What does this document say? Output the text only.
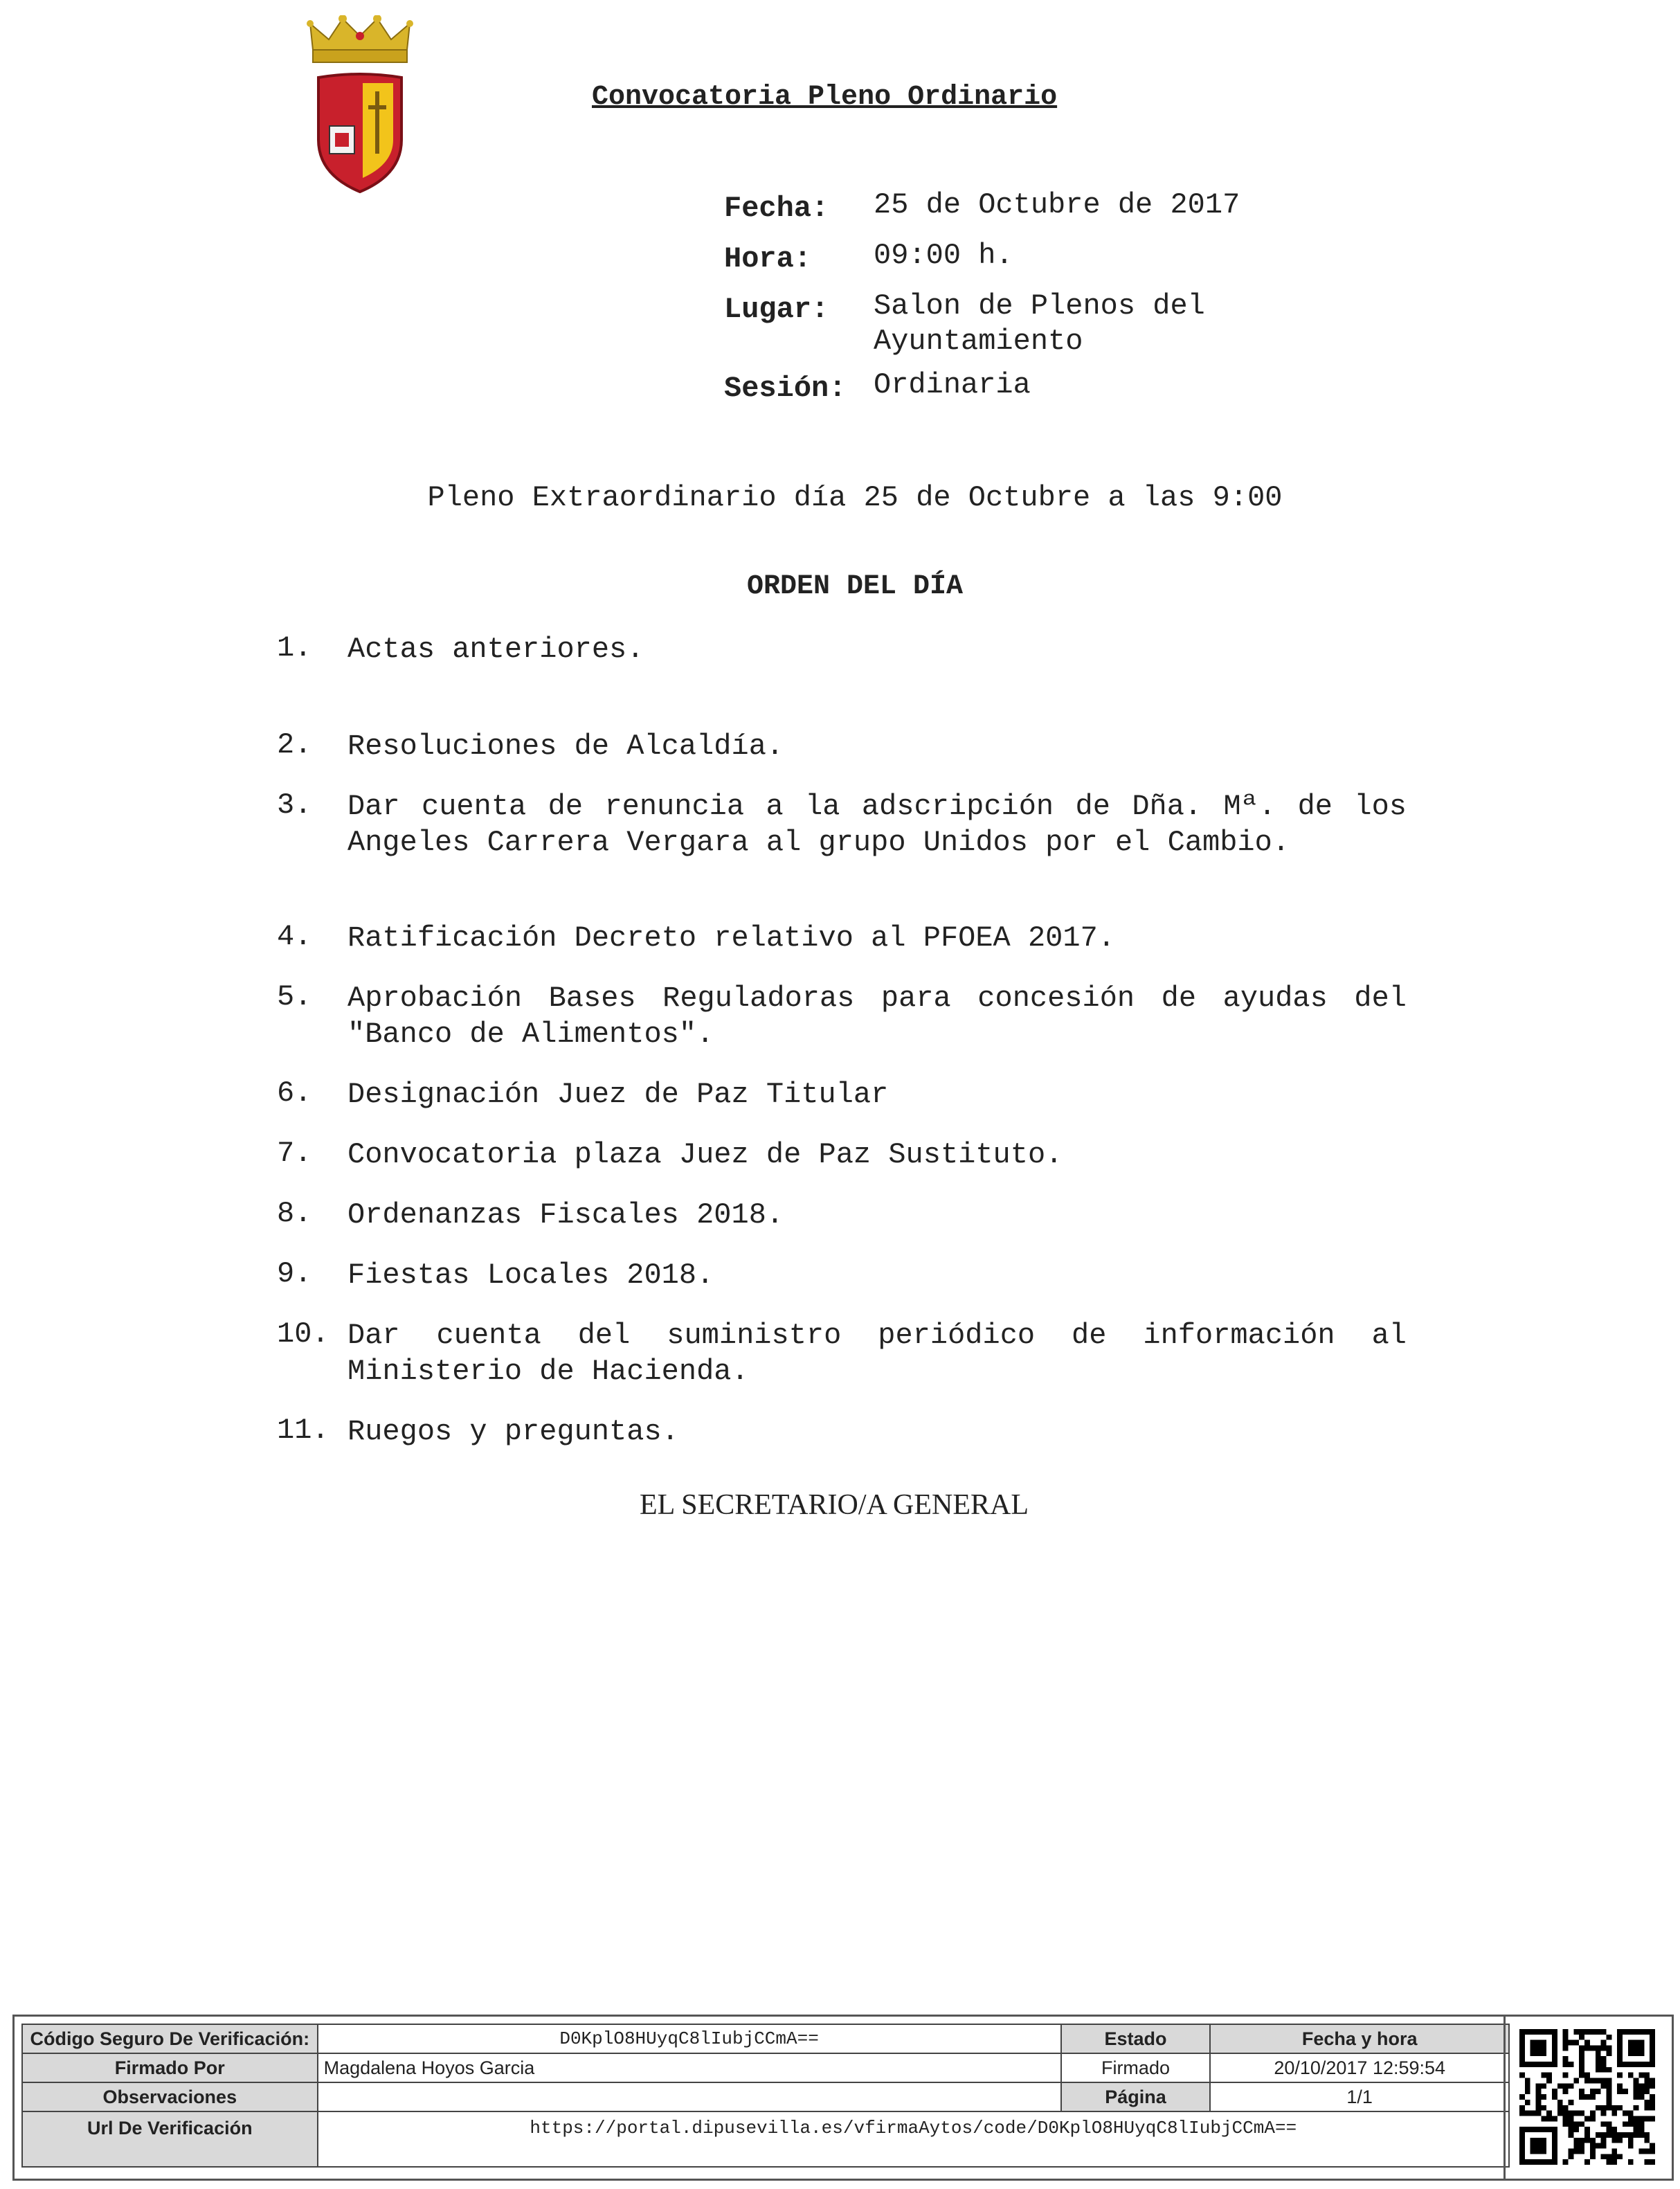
Convocatoria Pleno Ordinario
Fecha: 25 de Octubre de 2017
Hora: 09:00 h.
Lugar: Salon de Plenos del
Ayuntamiento
Sesión: Ordinaria
Pleno Extraordinario día 25 de Octubre a las 9:00
ORDEN DEL DÍA
1. Actas anteriores.
2. Resoluciones de Alcaldía.
3. Dar cuenta de renuncia a la adscripción de Dña. Mª. de los Angeles Carrera Vergara al grupo Unidos por el Cambio.
4. Ratificación Decreto relativo al PFOEA 2017.
5. Aprobación Bases Reguladoras para concesión de ayudas del "Banco de Alimentos".
6. Designación Juez de Paz Titular
7. Convocatoria plaza Juez de Paz Sustituto.
8. Ordenanzas Fiscales 2018.
9. Fiestas Locales 2018.
10. Dar cuenta del suministro periódico de información al Ministerio de Hacienda.
11. Ruegos y preguntas.
EL SECRETARIO/A GENERAL
Código Seguro De Verificación:	D0KplO8HUyqC8lIubjCCmA==	Estado	Fecha y hora
Firmado Por	Magdalena Hoyos Garcia	Firmado	20/10/2017 12:59:54
Observaciones		Página	1/1
Url De Verificación	https://portal.dipusevilla.es/vfirmaAytos/code/D0KplO8HUyqC8lIubjCCmA==		
